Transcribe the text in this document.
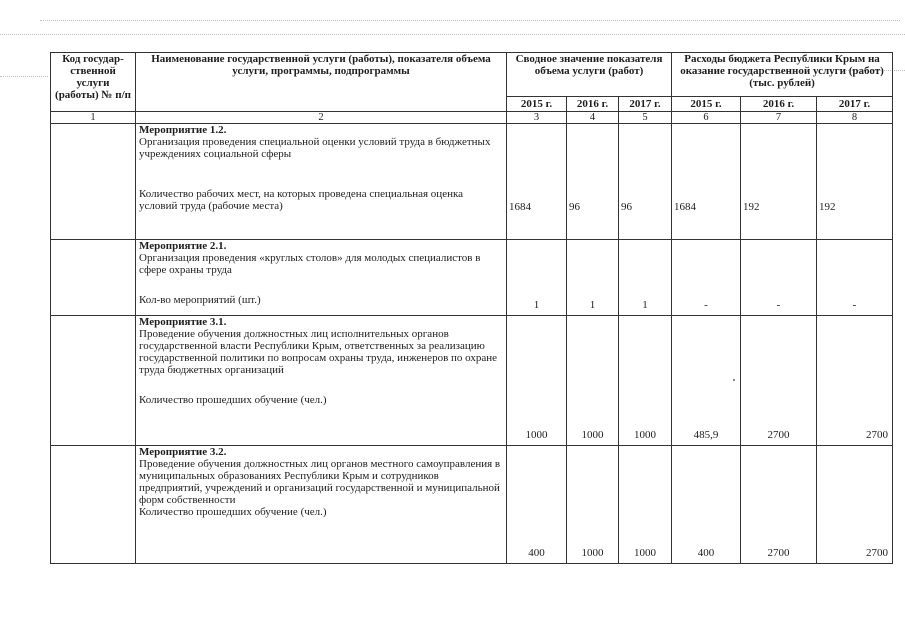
Код государ-ственной услуги (работы) № п/п	Наименование государственной услуги (работы), показателя объема услуги, программы, подпрограммы	Сводное значение показателя объема услуги (работ)			Расходы бюджета Республики Крым на оказание государственной услуги (работ) (тыс. рублей)		
		2015 г.	2016 г.	2017 г.	2015 г.	2016 г.	2017 г.
1	2	3	4	5	6	7	8

	Мероприятие 1.2.
Организация проведения специальной оценки условий труда в бюджетных учреждениях социальной сферы
Количество рабочих мест, на которых проведена специальная оценка условий труда (рабочие места)	1684	96	96	1684	192	192

	Мероприятие 2.1.
Организация проведения «круглых столов» для молодых специалистов в сфере охраны труда
Кол-во мероприятий (шт.)	1	1	1	-	-	-

	Мероприятие 3.1.
Проведение обучения должностных лиц исполнительных органов государственной власти Республики Крым, ответственных за реализацию государственной политики по вопросам охраны труда, инженеров по охране труда бюджетных организаций
Количество прошедших обучение (чел.)	1000	1000	1000	485,9	2700	2700

	Мероприятие 3.2.
Проведение обучения должностных лиц органов местного самоуправления в муниципальных образованиях Республики Крым и сотрудников предприятий, учреждений и организаций государственной и муниципальной форм собственности
Количество прошедших обучение (чел.)	400	1000	1000	400	2700	2700
